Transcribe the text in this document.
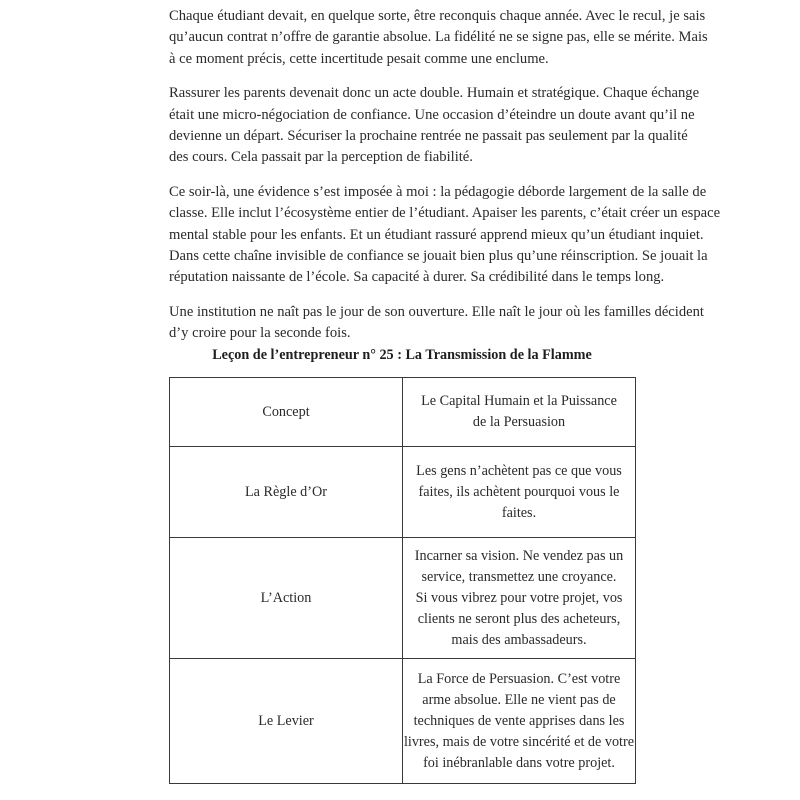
Chaque étudiant devait, en quelque sorte, être reconquis chaque année. Avec le recul, je sais
qu’aucun contrat n’offre de garantie absolue. La fidélité ne se signe pas, elle se mérite. Mais
à ce moment précis, cette incertitude pesait comme une enclume.

Rassurer les parents devenait donc un acte double. Humain et stratégique. Chaque échange
était une micro-négociation de confiance. Une occasion d’éteindre un doute avant qu’il ne
devienne un départ. Sécuriser la prochaine rentrée ne passait pas seulement par la qualité
des cours. Cela passait par la perception de fiabilité.

Ce soir-là, une évidence s’est imposée à moi : la pédagogie déborde largement de la salle de
classe. Elle inclut l’écosystème entier de l’étudiant. Apaiser les parents, c’était créer un espace
mental stable pour les enfants. Et un étudiant rassuré apprend mieux qu’un étudiant inquiet.
Dans cette chaîne invisible de confiance se jouait bien plus qu’une réinscription. Se jouait la
réputation naissante de l’école. Sa capacité à durer. Sa crédibilité dans le temps long.

Une institution ne naît pas le jour de son ouverture. Elle naît le jour où les familles décident
d’y croire pour la seconde fois.

Leçon de l’entrepreneur n° 25 : La Transmission de la Flamme
Concept	Le Capital Humain et la Puissance
de la Persuasion

La Règle d’Or	Les gens n’achètent pas ce que vous
faites, ils achètent pourquoi vous le
faites.

L’Action	Incarner sa vision. Ne vendez pas un
service, transmettez une croyance.
Si vous vibrez pour votre projet, vos
clients ne seront plus des acheteurs,
mais des ambassadeurs.

Le Levier	La Force de Persuasion. C’est votre
arme absolue. Elle ne vient pas de
techniques de vente apprises dans les
livres, mais de votre sincérité et de votre
foi inébranlable dans votre projet.
